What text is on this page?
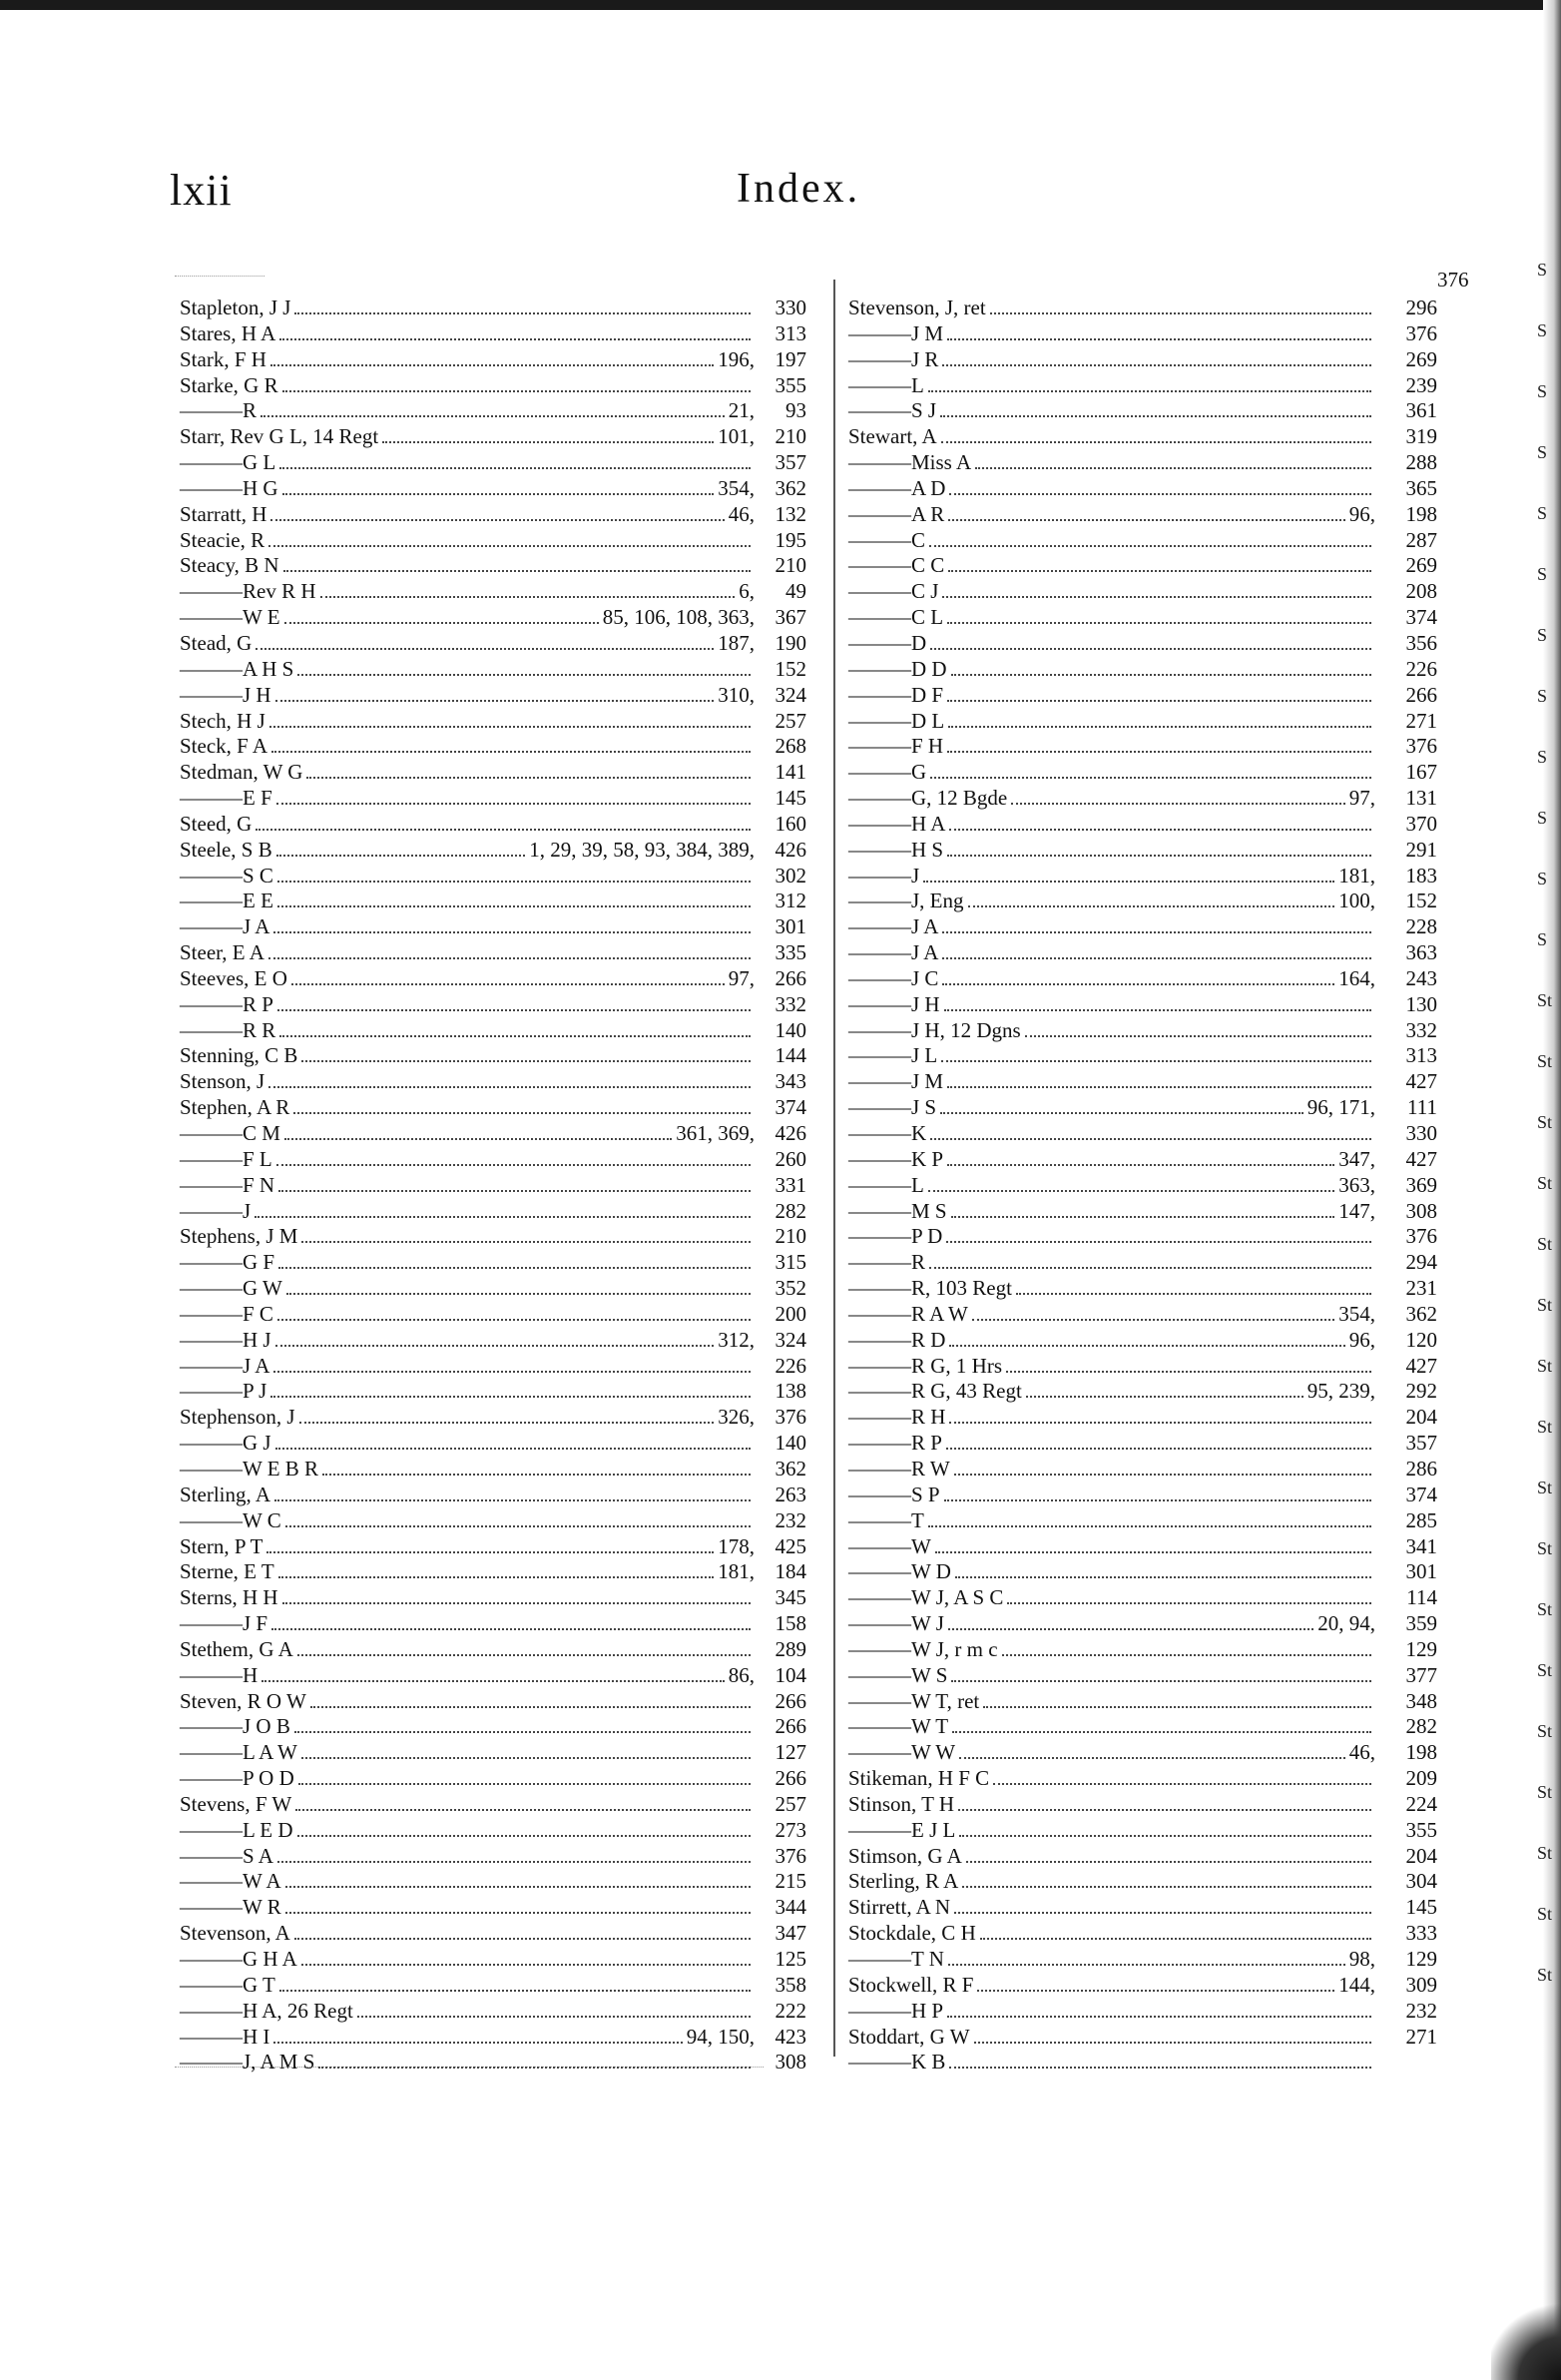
lxii	Index.
376
Stapleton, J J	330
Stares, H A	313
Stark, F H	196, 197
Starke, G R	355
——— R	21,	93
Starr, Rev G L, 14 Regt	101, 210
——— G L	357
——— H G	354, 362
Starratt, H	46, 132
Steacie, R	195
Steacy, B N	210
——— Rev R H	6,	49
——— W E	85, 106, 108, 363, 367
Stead, G	187, 190
——— A H S	152
——— J H	310, 324
Stech, H J	257
Steck, F A	268
Stedman, W G	141
——— E F	145
Steed, G	160
Steele, S B	1, 29, 39, 58, 93, 384, 389, 426
——— S C	302
——— E E	312
——— J A	301
Steer, E A	335
Steeves, E O	97, 266
——— R P	332
——— R R	140
Stenning, C B	144
Stenson, J	343
Stephen, A R	374
——— C M	361, 369, 426
——— F L	260
——— F N	331
——— J	282
Stephens, J M	210
——— G F	315
——— G W	352
——— F C	200
——— H J	312, 324
——— J A	226
——— P J	138
Stephenson, J	326, 376
——— G J	140
——— W E B R	362
Sterling, A	263
——— W C	232
Stern, P T	178, 425
Sterne, E T	181, 184
Sterns, H H	345
——— J F	158
Stethem, G A	289
——— H	86, 104
Steven, R O W	266
——— J O B	266
——— L A W	127
——— P O D	266
Stevens, F W	257
——— L E D	273
——— S A	376
——— W A	215
——— W R	344
Stevenson, A	347
——— G H A	125
——— G T	358
——— H A, 26 Regt	222
——— H I	94, 150, 423
——— J, A M S	308
Stevenson, J, ret	296
——— J M	376
——— J R	269
——— L	239
——— S J	361
Stewart, A	319
——— Miss A	288
——— A D	365
——— A R	96,	198
——— C	287
——— C C	269
——— C J	208
——— C L	374
——— D	356
——— D D	226
——— D F	266
——— D L	271
——— F H	376
——— G	167
——— G, 12 Bgde	97,	131
——— H A	370
——— H S	291
——— J	181,	183
——— J, Eng	100,	152
——— J A	228
——— J A	363
——— J C	164,	243
——— J H	130
——— J H, 12 Dgns	332
——— J L	313
——— J M	427
——— J S	96, 171,	111
——— K	330
——— K P	347,	427
——— L	363,	369
——— M S	147,	308
——— P D	376
——— R	294
——— R, 103 Regt	231
——— R A W	354,	362
——— R D	96,	120
——— R G, 1 Hrs	427
——— R G, 43 Regt	95, 239,	292
——— R H	204
——— R P	357
——— R W	286
——— S P	374
——— T	285
——— W	341
——— W D	301
——— W J, A S C	114
——— W J	20, 94,	359
——— W J, r m c	129
——— W S	377
——— W T, ret	348
——— W T	282
——— W W	46,	198
Stikeman, H F C	209
Stinson, T H	224
——— E J L	355
Stimson, G A	204
Sterling, R A	304
Stirrett, A N	145
Stockdale, C H	333
——— T N	98,	129
Stockwell, R F	144,	309
——— H P	232
Stoddart, G W	271
——— K B
S
S
S
S
S
S
S
S
S
S
S
S
St
St
St
St
St
St
St
St
St
St
St
St
St
St
St
St
St
